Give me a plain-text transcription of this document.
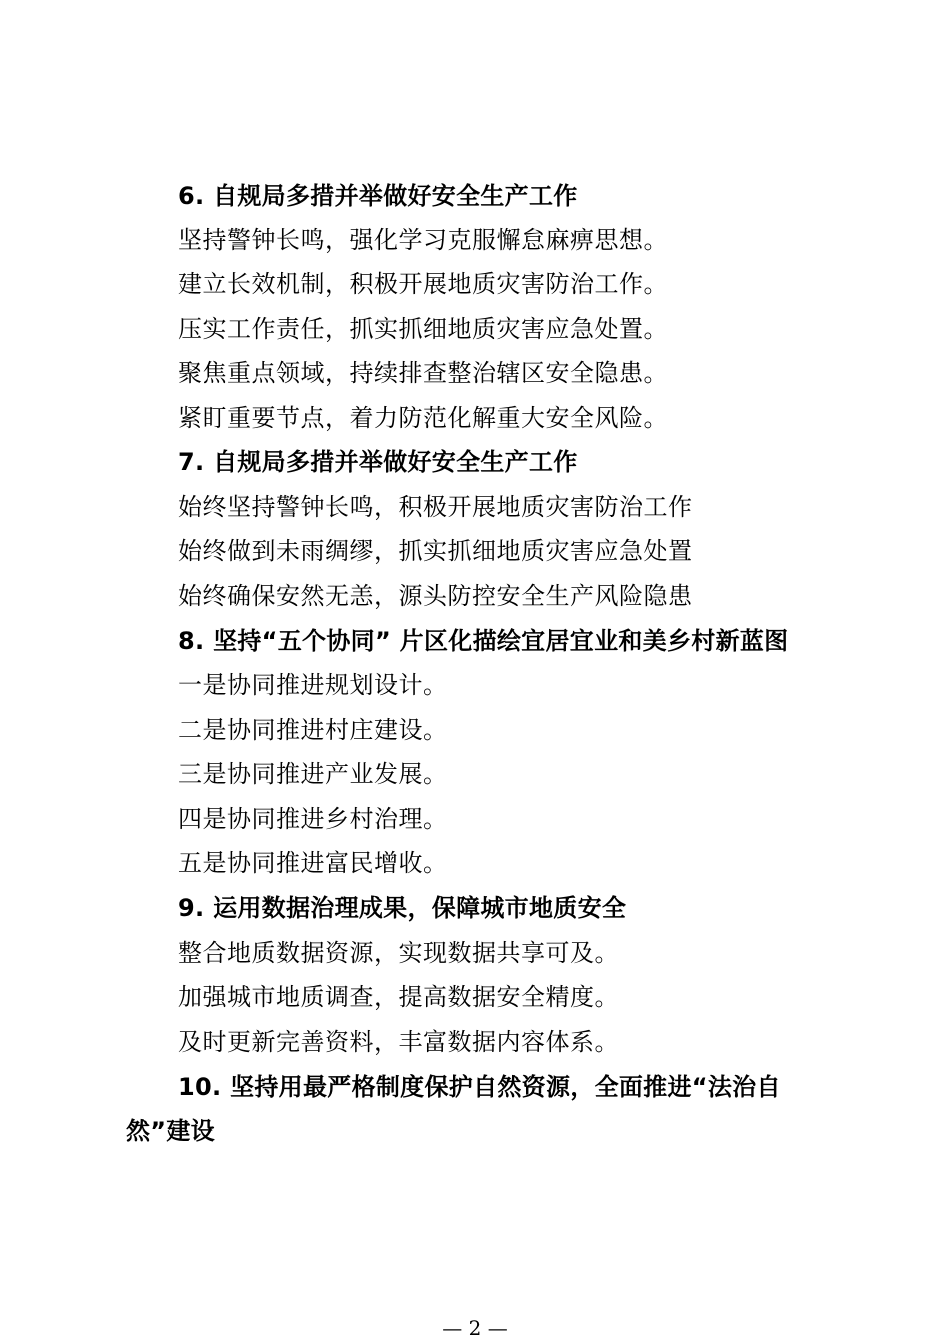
6. 自规局多措并举做好安全生产工作
坚持警钟长鸣，强化学习克服懈怠麻痹思想。
建立长效机制，积极开展地质灾害防治工作。
压实工作责任，抓实抓细地质灾害应急处置。
聚焦重点领域，持续排查整治辖区安全隐患。
紧盯重要节点，着力防范化解重大安全风险。
7. 自规局多措并举做好安全生产工作
始终坚持警钟长鸣，积极开展地质灾害防治工作
始终做到未雨绸缪，抓实抓细地质灾害应急处置
始终确保安然无恙，源头防控安全生产风险隐患
8. 坚持“五个协同” 片区化描绘宜居宜业和美乡村新蓝图
一是协同推进规划设计。
二是协同推进村庄建设。
三是协同推进产业发展。
四是协同推进乡村治理。
五是协同推进富民增收。
9. 运用数据治理成果，保障城市地质安全
整合地质数据资源，实现数据共享可及。
加强城市地质调查，提高数据安全精度。
及时更新完善资料，丰富数据内容体系。
10. 坚持用最严格制度保护自然资源，全面推进“法治自
然”建设
— 2 —
